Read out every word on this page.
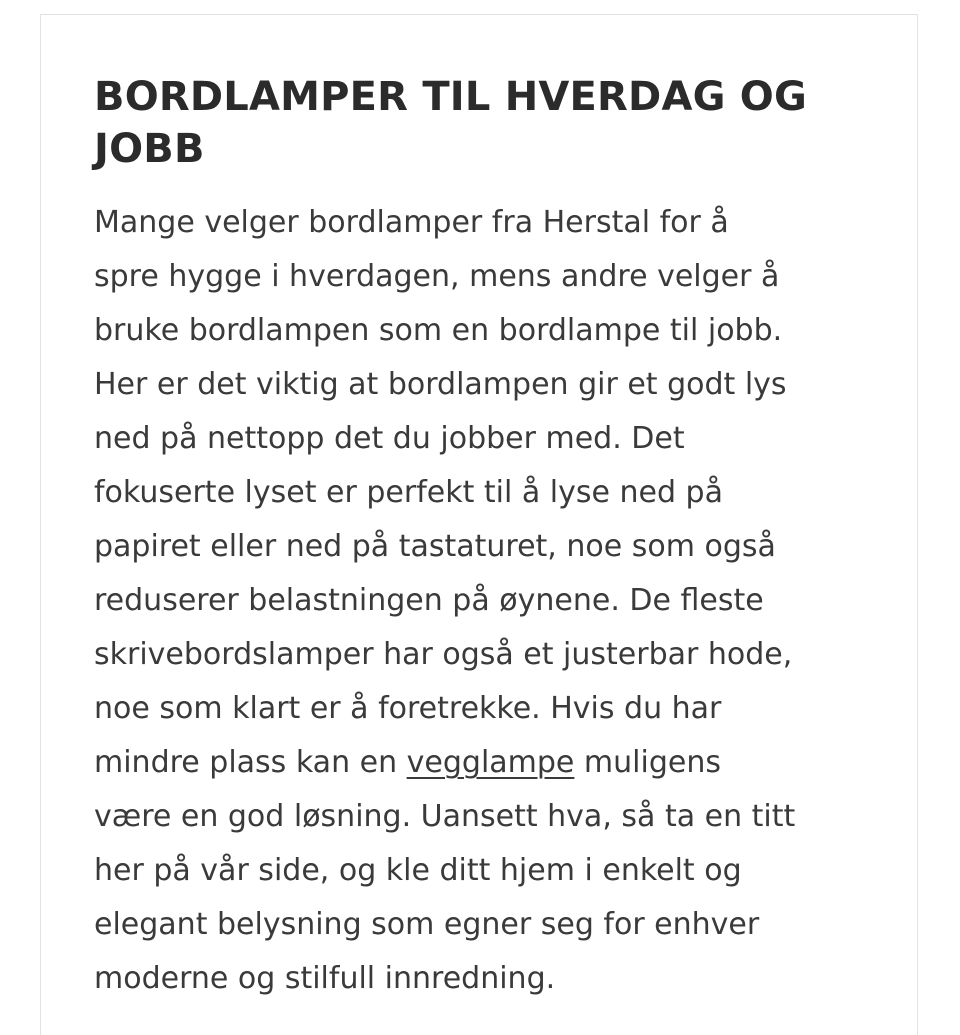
BORDLAMPER TIL HVERDAG OG
JOBB

Mange velger bordlamper fra Herstal for å
spre hygge i hverdagen, mens andre velger å
bruke bordlampen som en bordlampe til jobb.
Her er det viktig at bordlampen gir et godt lys
ned på nettopp det du jobber med. Det
fokuserte lyset er perfekt til å lyse ned på
papiret eller ned på tastaturet, noe som også
reduserer belastningen på øynene. De fleste
skrivebordslamper har også et justerbar hode,
noe som klart er å foretrekke. Hvis du har
mindre plass kan en vegglampe muligens
være en god løsning. Uansett hva, så ta en titt
her på vår side, og kle ditt hjem i enkelt og
elegant belysning som egner seg for enhver
moderne og stilfull innredning.
